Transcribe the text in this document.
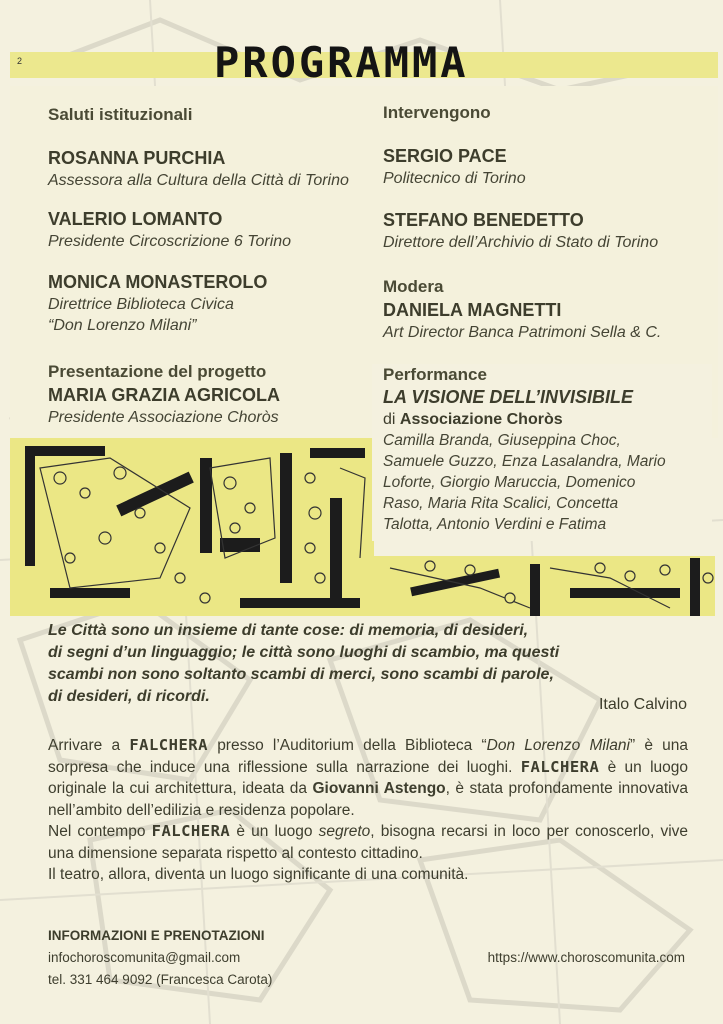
2	PROGRAMMA

Saluti istituzionali

ROSANNA PURCHIA

Assessora alla Cultura della Città di Torino

VALERIO LOMANTO

Presidente Circoscrizione 6 Torino

MONICA MONASTEROLO

Direttrice Biblioteca Civica

“Don Lorenzo Milani”

Presentazione del progetto

MARIA GRAZIA AGRICOLA

Presidente Associazione Choròs

Intervengono

SERGIO PACE

Politecnico di Torino

STEFANO BENEDETTO

Direttore dell’Archivio di Stato di Torino

Modera

DANIELA MAGNETTI

Art Director Banca Patrimoni Sella & C.

Performance

LA VISIONE DELL’INVISIBILE

di Associazione Choròs

Camilla Branda, Giuseppina Choc,

Samuele Guzzo, Enza Lasalandra, Mario

Loforte, Giorgio Maruccia, Domenico

Raso, Maria Rita Scalici, Concetta

Talotta, Antonio Verdini e Fatima

Le Città sono un insieme di tante cose: di memoria, di desideri,
di segni d’un linguaggio; le città sono luoghi di scambio, ma questi
scambi non sono soltanto scambi di merci, sono scambi di parole,
di desideri, di ricordi.	Italo Calvino

Arrivare a FALCHERA presso l’Auditorium della Biblioteca “Don Lorenzo Milani” è una sorpresa che induce una riflessione sulla narrazione dei luoghi. FALCHERA è un luogo originale la cui architettura, ideata da Giovanni Astengo, è stata profondamente innovativa nell’ambito dell’edilizia e residenza popolare.
Nel contempo FALCHERA è un luogo segreto, bisogna recarsi in loco per conoscerlo, vive una dimensione separata rispetto al contesto cittadino.
Il teatro, allora, diventa un luogo significante di una comunità.

INFORMAZIONI E PRENOTAZIONI

infochoroscomunita@gmail.com
tel. 331 464 9092 (Francesca Carota)
https://www.choroscomunita.com
